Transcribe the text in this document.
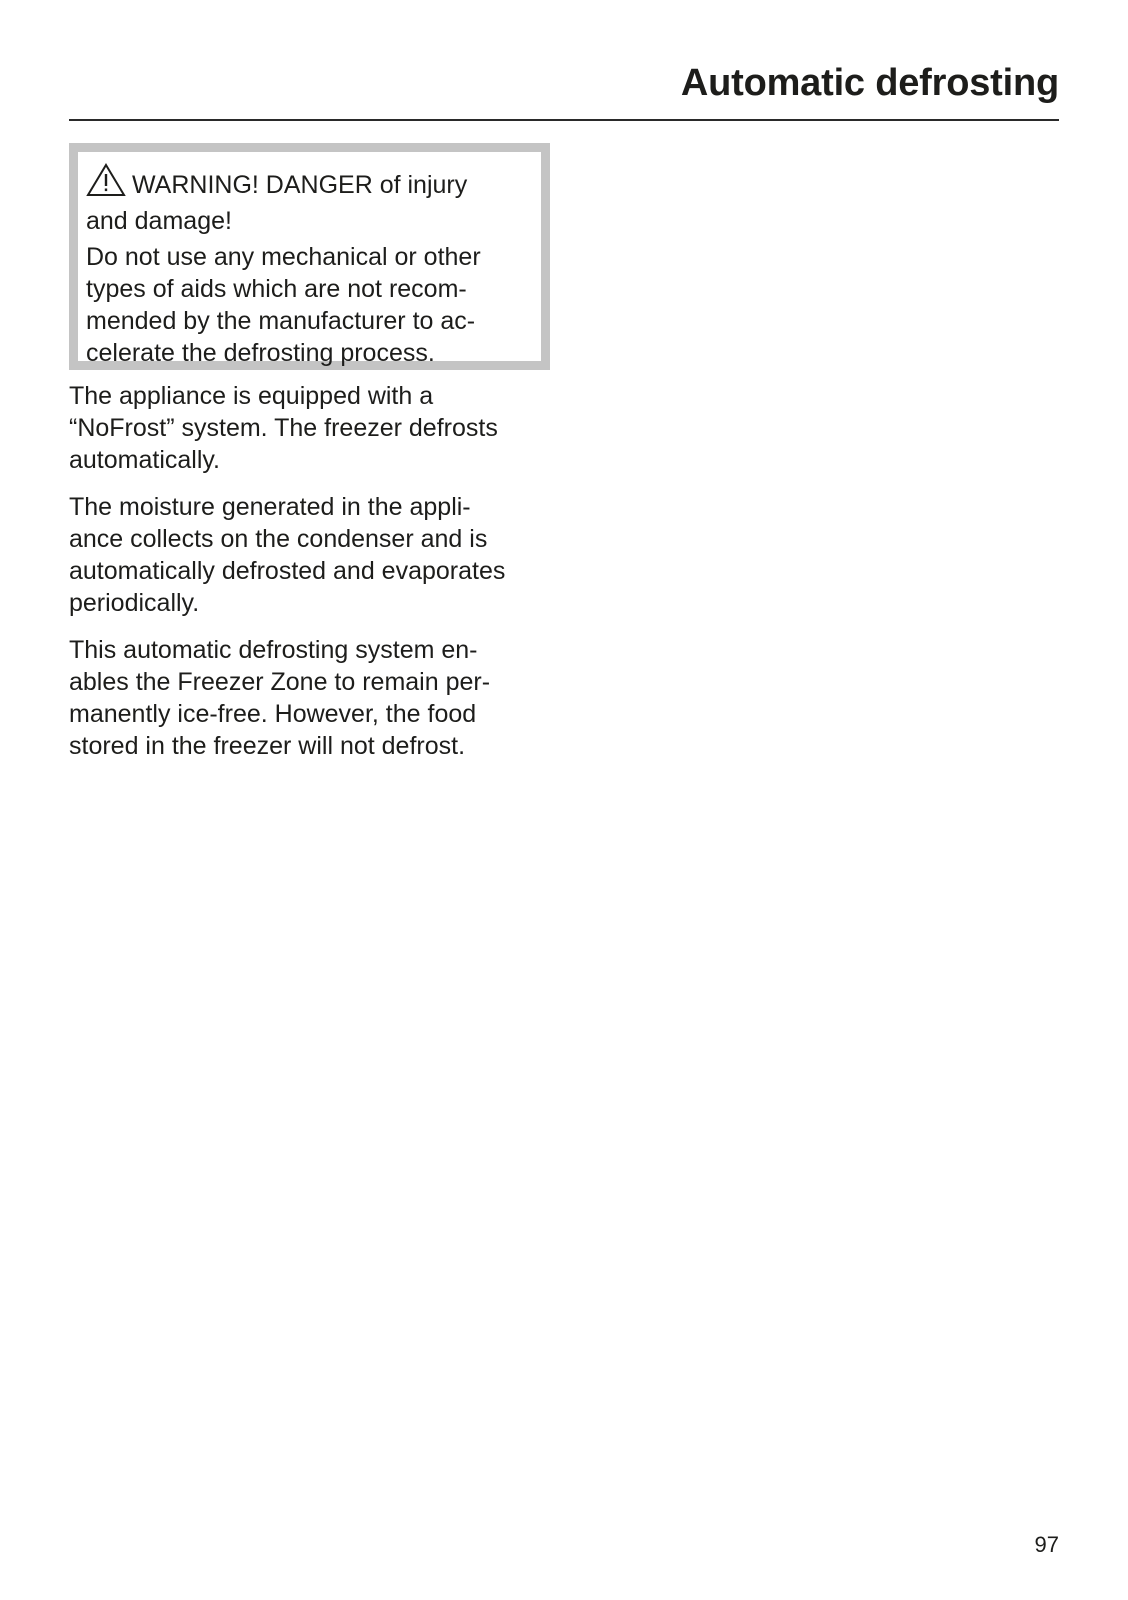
Automatic defrosting

WARNING! DANGER of injury
and damage!

Do not use any mechanical or other
types of aids which are not recom-
mended by the manufacturer to ac-
celerate the defrosting process.

The appliance is equipped with a
“NoFrost” system. The freezer defrosts
automatically.

The moisture generated in the appli-
ance collects on the condenser and is
automatically defrosted and evaporates
periodically.

This automatic defrosting system en-
ables the Freezer Zone to remain per-
manently ice-free. However, the food
stored in the freezer will not defrost.

97
